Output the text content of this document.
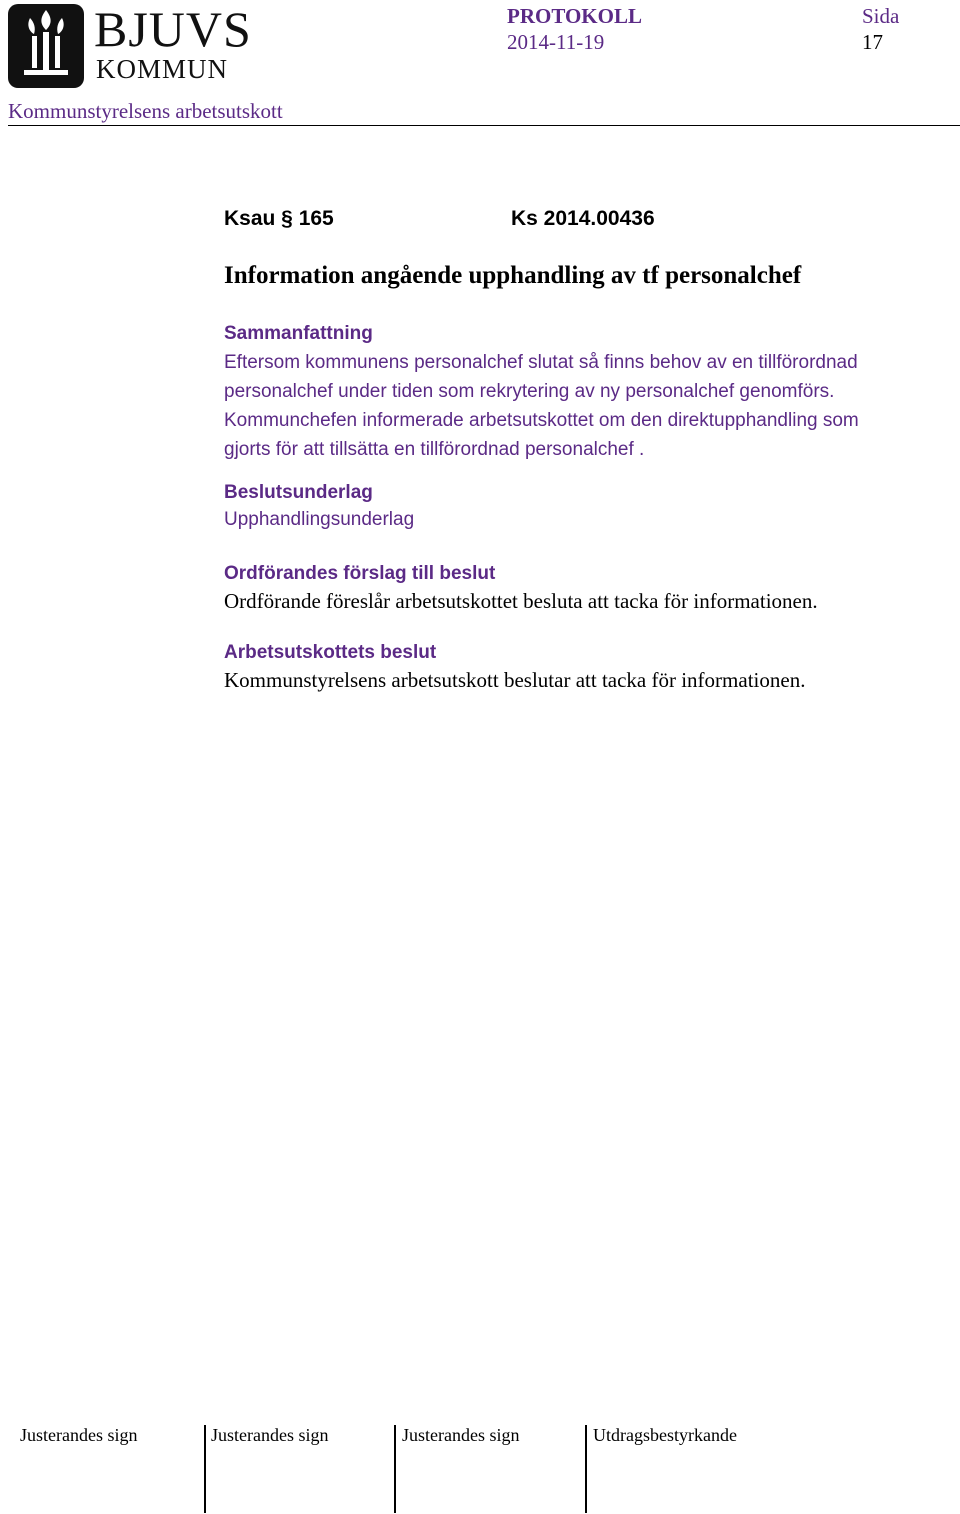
BJUVS
KOMMUN
PROTOKOLL
2014-11-19
Sida
17
Kommunstyrelsens arbetsutskott
Ksau § 165	Ks 2014.00436
Information angående upphandling av tf personalchef
Sammanfattning
Eftersom kommunens personalchef slutat så finns behov av en tillförordnad
personalchef under tiden som rekrytering av ny personalchef genomförs.
Kommunchefen informerade arbetsutskottet om den direktupphandling som
gjorts för att tillsätta en tillförordnad personalchef .
Beslutsunderlag
Upphandlingsunderlag
Ordförandes förslag till beslut
Ordförande föreslår arbetsutskottet besluta att tacka för informationen.
Arbetsutskottets beslut
Kommunstyrelsens arbetsutskott beslutar att tacka för informationen.
Justerandes sign	Justerandes sign	Justerandes sign	Utdragsbestyrkande
